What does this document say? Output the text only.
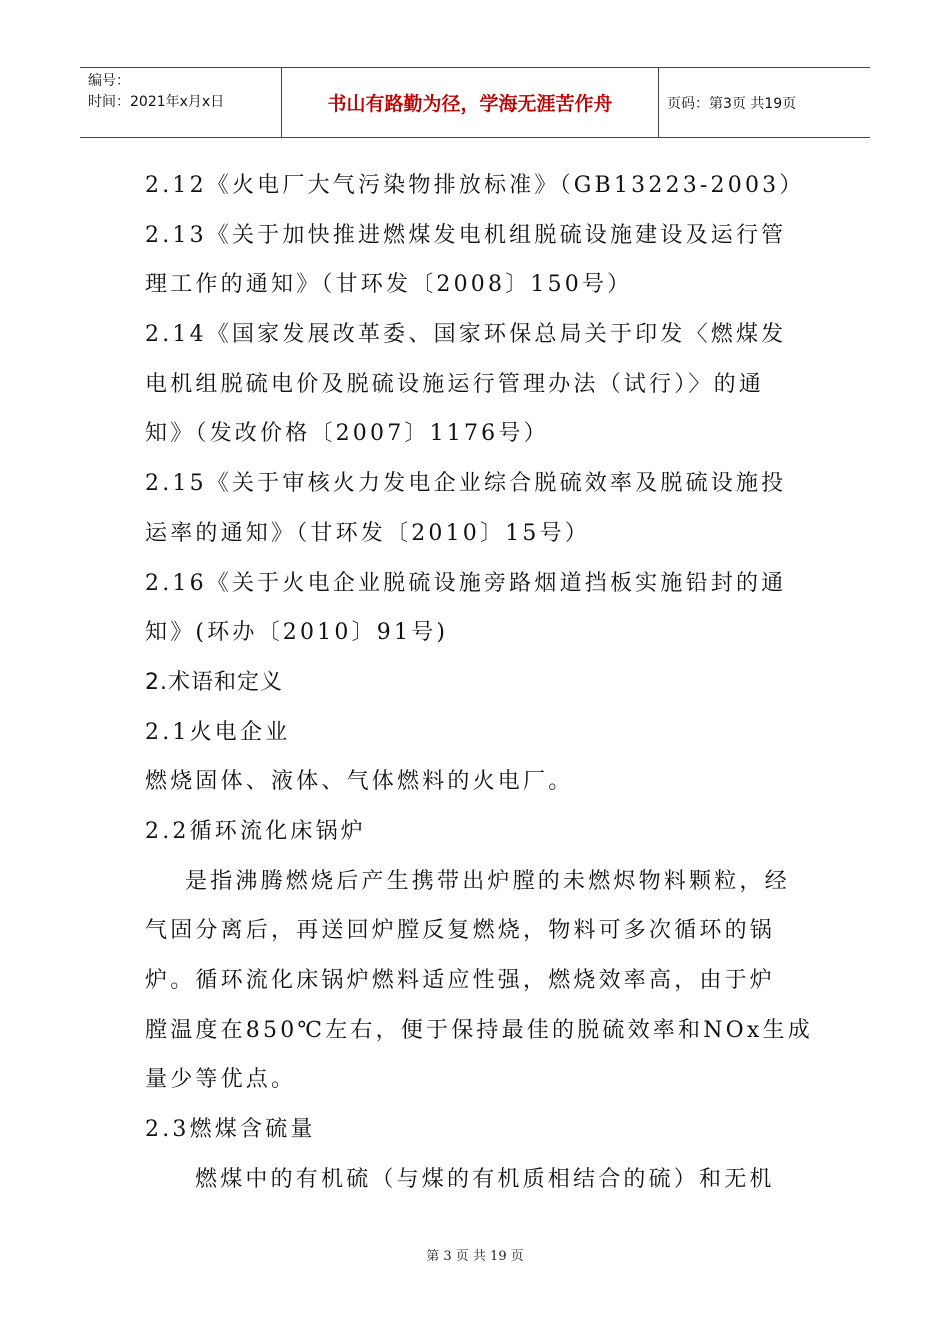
编号：
时间：2021年x月x日	书山有路勤为径，学海无涯苦作舟	页码：第3页 共19页
2.12《火电厂大气污染物排放标准》（GB13223-2003）
2.13《关于加快推进燃煤发电机组脱硫设施建设及运行管
理工作的通知》（甘环发〔2008〕150号）
2.14《国家发展改革委、国家环保总局关于印发〈燃煤发
电机组脱硫电价及脱硫设施运行管理办法（试行）〉的通
知》（发改价格〔2007〕1176号）
2.15《关于审核火力发电企业综合脱硫效率及脱硫设施投
运率的通知》（甘环发〔2010〕15号）
2.16《关于火电企业脱硫设施旁路烟道挡板实施铅封的通
知》(环办〔2010〕91号)
2.术语和定义
2.1火电企业
燃烧固体、液体、气体燃料的火电厂。
2.2循环流化床锅炉
是指沸腾燃烧后产生携带出炉膛的未燃烬物料颗粒，经
气固分离后，再送回炉膛反复燃烧，物料可多次循环的锅
炉。循环流化床锅炉燃料适应性强，燃烧效率高，由于炉
膛温度在850℃左右，便于保持最佳的脱硫效率和NOx生成
量少等优点。
2.3燃煤含硫量
燃煤中的有机硫（与煤的有机质相结合的硫）和无机
第 3 页 共 19 页
